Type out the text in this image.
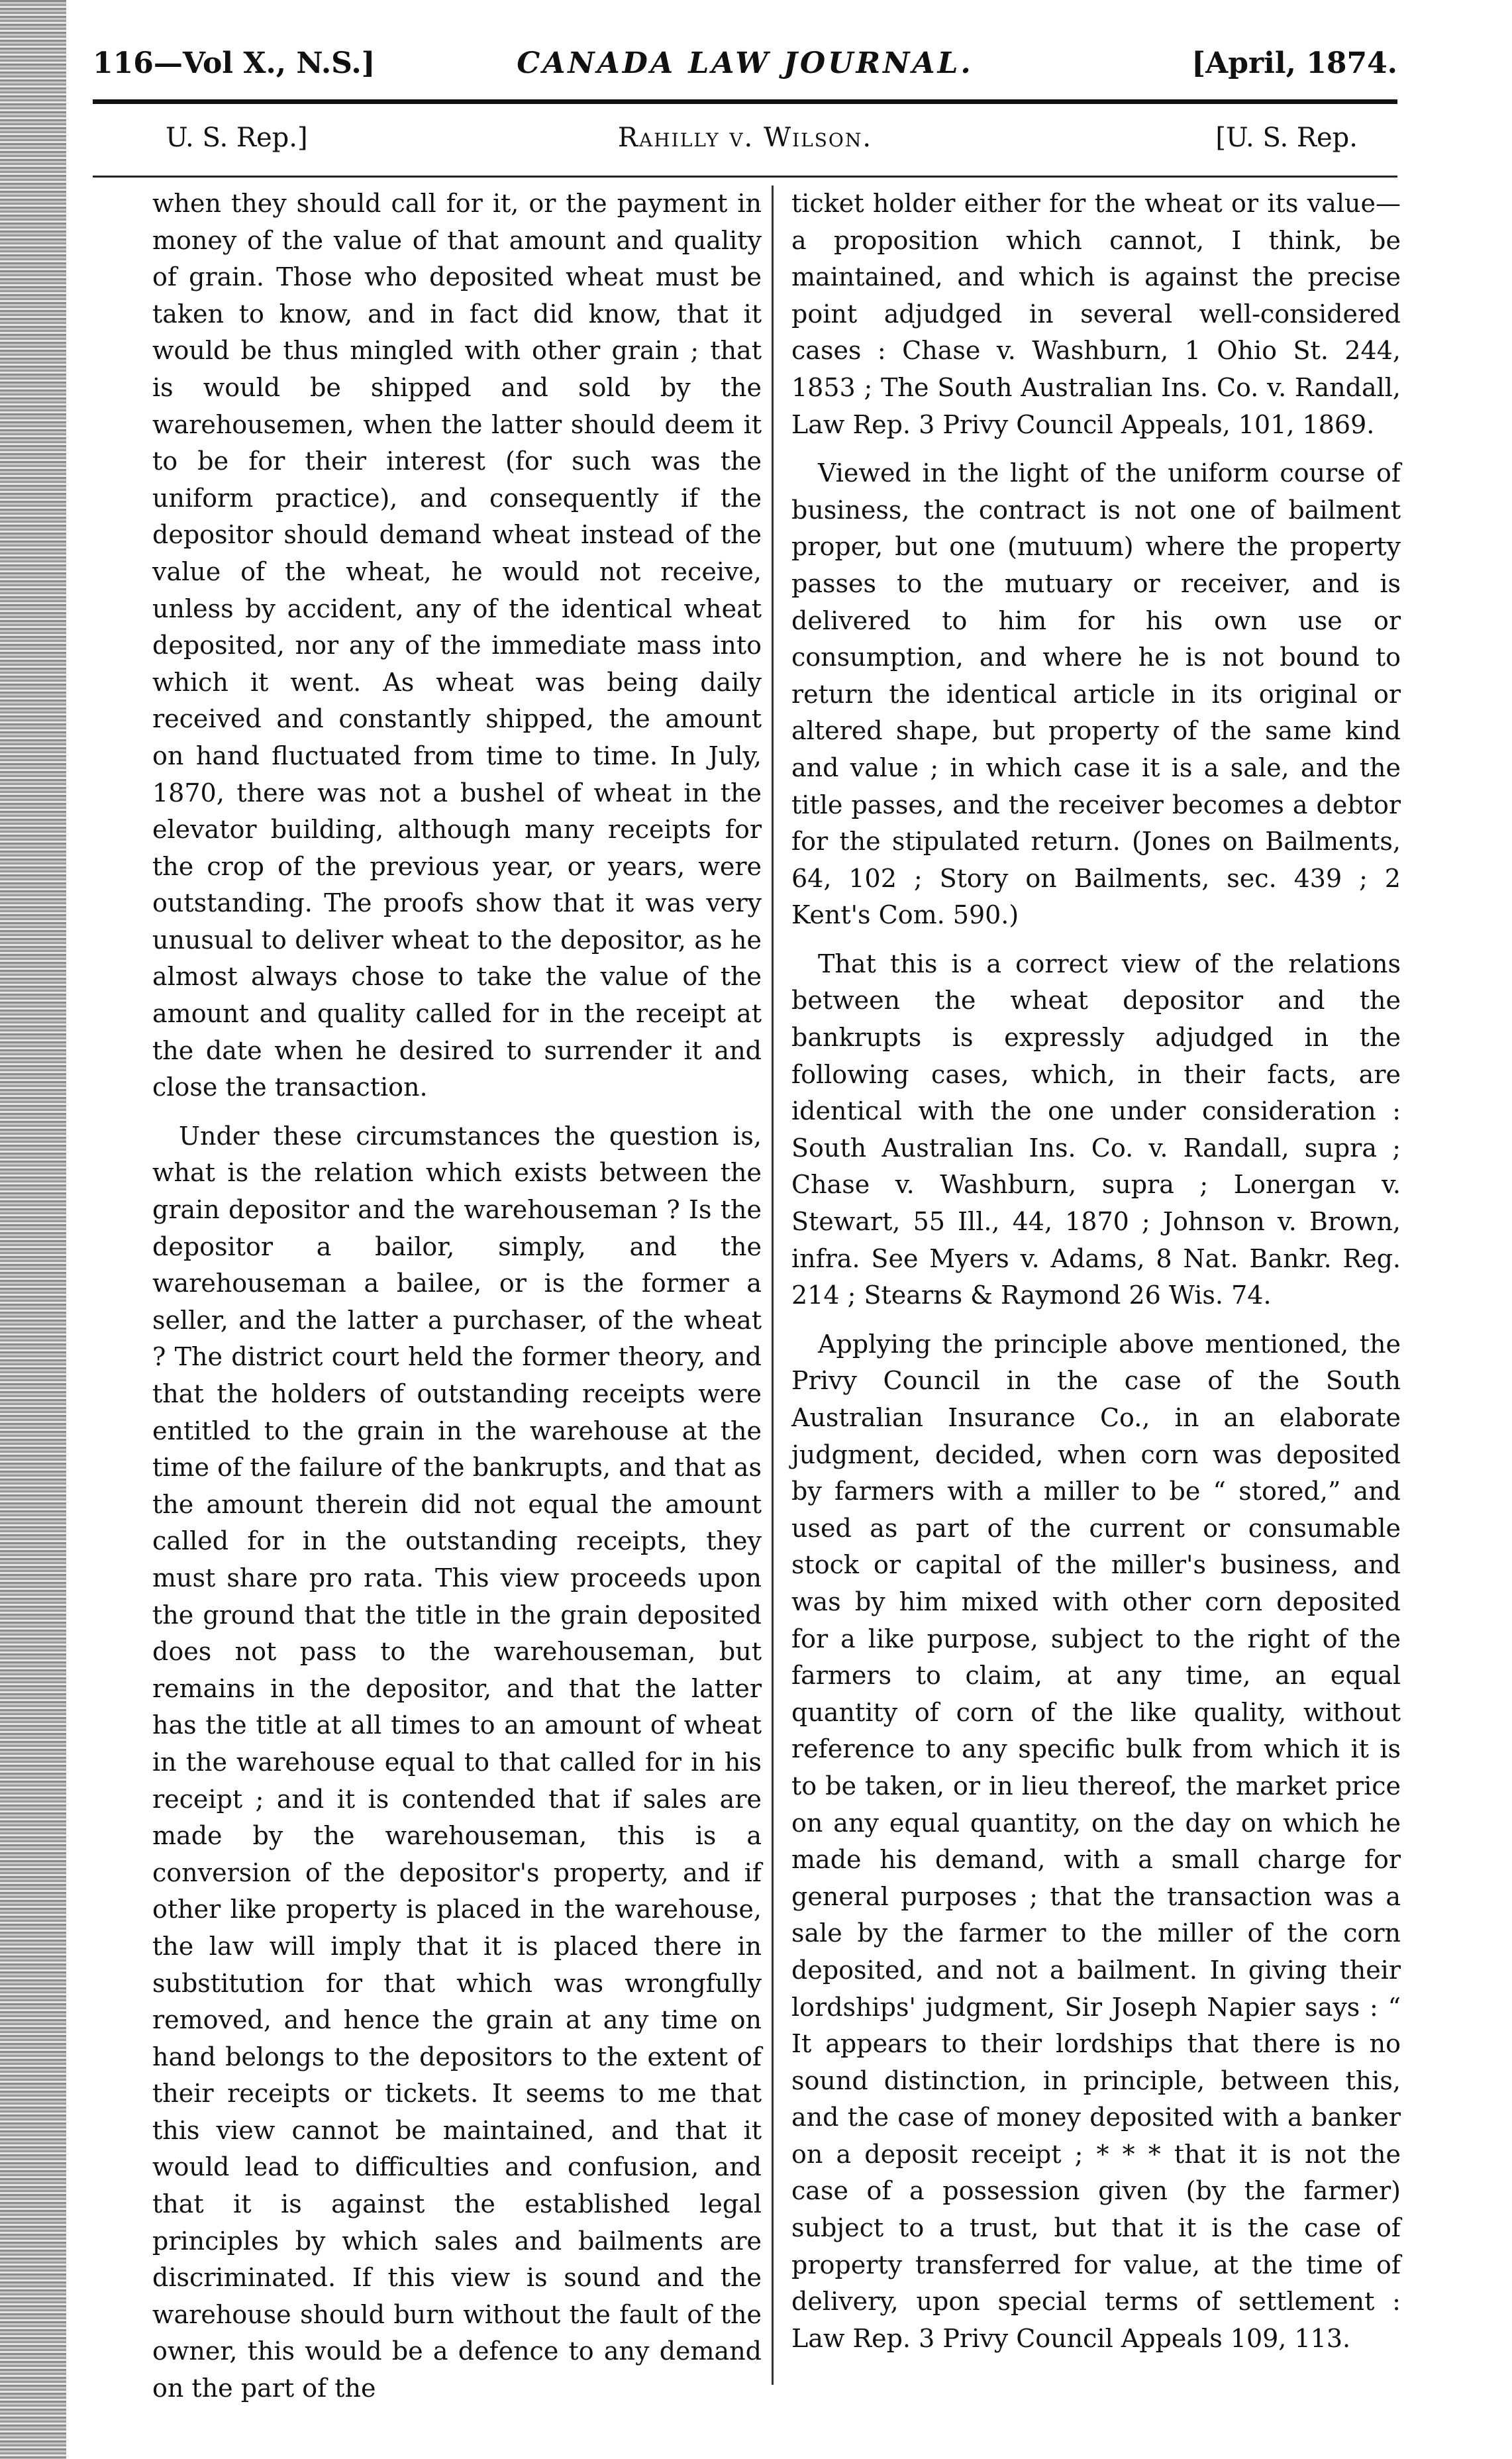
116—Vol X., N.S.]	CANADA LAW JOURNAL.	[April, 1874.
U. S. Rep.]	Rahilly v. Wilson.	[U. S. Rep.

when they should call for it, or the payment in money of the value of that amount and quality of grain. Those who deposited wheat must be taken to know, and in fact did know, that it would be thus mingled with other grain ; that is would be shipped and sold by the warehousemen, when the latter should deem it to be for their interest (for such was the uniform practice), and consequently if the depositor should demand wheat instead of the value of the wheat, he would not receive, unless by accident, any of the identical wheat deposited, nor any of the immediate mass into which it went. As wheat was being daily received and constantly shipped, the amount on hand fluctuated from time to time. In July, 1870, there was not a bushel of wheat in the elevator building, although many receipts for the crop of the previous year, or years, were outstanding. The proofs show that it was very unusual to deliver wheat to the depositor, as he almost always chose to take the value of the amount and quality called for in the receipt at the date when he desired to surrender it and close the transaction.

Under these circumstances the question is, what is the relation which exists between the grain depositor and the warehouseman ? Is the depositor a bailor, simply, and the warehouseman a bailee, or is the former a seller, and the latter a purchaser, of the wheat ? The district court held the former theory, and that the holders of outstanding receipts were entitled to the grain in the warehouse at the time of the failure of the bankrupts, and that as the amount therein did not equal the amount called for in the outstanding receipts, they must share pro rata. This view proceeds upon the ground that the title in the grain deposited does not pass to the warehouseman, but remains in the depositor, and that the latter has the title at all times to an amount of wheat in the warehouse equal to that called for in his receipt ; and it is contended that if sales are made by the warehouseman, this is a conversion of the depositor's property, and if other like property is placed in the warehouse, the law will imply that it is placed there in substitution for that which was wrongfully removed, and hence the grain at any time on hand belongs to the depositors to the extent of their receipts or tickets. It seems to me that this view cannot be maintained, and that it would lead to difficulties and confusion, and that it is against the established legal principles by which sales and bailments are discriminated. If this view is sound and the warehouse should burn without the fault of the owner, this would be a defence to any demand on the part of the

ticket holder either for the wheat or its value—a proposition which cannot, I think, be maintained, and which is against the precise point adjudged in several well-considered cases : Chase v. Washburn, 1 Ohio St. 244, 1853 ; The South Australian Ins. Co. v. Randall, Law Rep. 3 Privy Council Appeals, 101, 1869.

Viewed in the light of the uniform course of business, the contract is not one of bailment proper, but one (mutuum) where the property passes to the mutuary or receiver, and is delivered to him for his own use or consumption, and where he is not bound to return the identical article in its original or altered shape, but property of the same kind and value ; in which case it is a sale, and the title passes, and the receiver becomes a debtor for the stipulated return. (Jones on Bailments, 64, 102 ; Story on Bailments, sec. 439 ; 2 Kent's Com. 590.)

That this is a correct view of the relations between the wheat depositor and the bankrupts is expressly adjudged in the following cases, which, in their facts, are identical with the one under consideration : South Australian Ins. Co. v. Randall, supra ; Chase v. Washburn, supra ; Lonergan v. Stewart, 55 Ill., 44, 1870 ; Johnson v. Brown, infra. See Myers v. Adams, 8 Nat. Bankr. Reg. 214 ; Stearns & Raymond 26 Wis. 74.

Applying the principle above mentioned, the Privy Council in the case of the South Australian Insurance Co., in an elaborate judgment, decided, when corn was deposited by farmers with a miller to be “ stored,” and used as part of the current or consumable stock or capital of the miller's business, and was by him mixed with other corn deposited for a like purpose, subject to the right of the farmers to claim, at any time, an equal quantity of corn of the like quality, without reference to any specific bulk from which it is to be taken, or in lieu thereof, the market price on any equal quantity, on the day on which he made his demand, with a small charge for general purposes ; that the transaction was a sale by the farmer to the miller of the corn deposited, and not a bailment. In giving their lordships' judgment, Sir Joseph Napier says : “ It appears to their lordships that there is no sound distinction, in principle, between this, and the case of money deposited with a banker on a deposit receipt ; * * * that it is not the case of a possession given (by the farmer) subject to a trust, but that it is the case of property transferred for value, at the time of delivery, upon special terms of settlement : Law Rep. 3 Privy Council Appeals 109, 113.
